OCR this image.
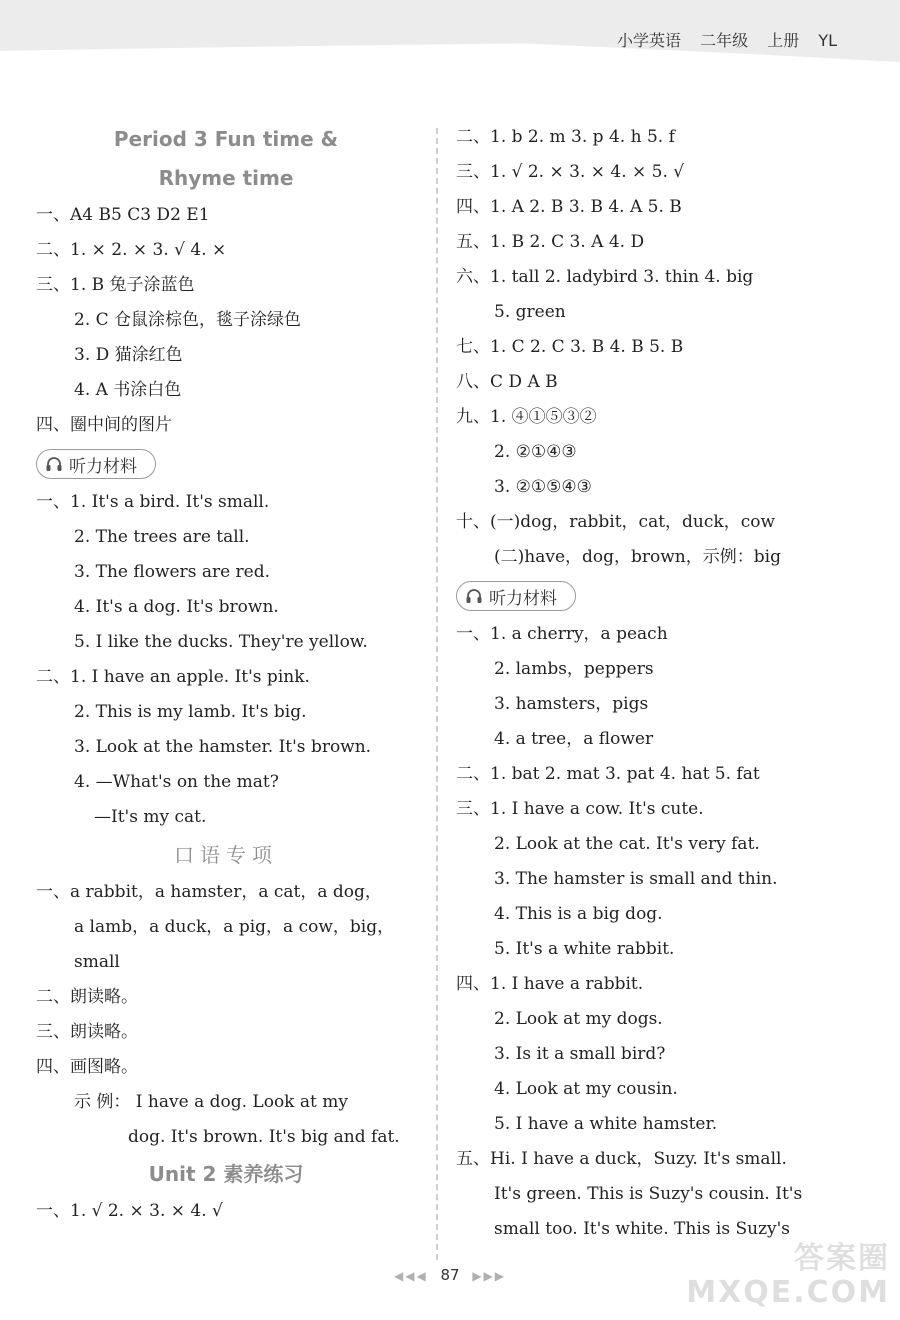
小学英语 二年级 上册 YL
Period 3 Fun time &
Rhyme time
一、A4 B5 C3 D2 E1
二、1. × 2. × 3. √ 4. ×
三、1. B 兔子涂蓝色
2. C 仓鼠涂棕色，毯子涂绿色
3. D 猫涂红色
4. A 书涂白色
四、圈中间的图片
听力材料
一、1. It's a bird. It's small.
2. The trees are tall.
3. The flowers are red.
4. It's a dog. It's brown.
5. I like the ducks. They're yellow.
二、1. I have an apple. It's pink.
2. This is my lamb. It's big.
3. Look at the hamster. It's brown.
4. —What's on the mat?
—It's my cat.
口语专项
一、a rabbit，a hamster，a cat，a dog，
a lamb，a duck，a pig，a cow，big，
small
二、朗读略。
三、朗读略。
四、画图略。
示 例： I have a dog. Look at my
dog. It's brown. It's big and fat.
Unit 2 素养练习
一、1. √ 2. × 3. × 4. √
二、1. b 2. m 3. p 4. h 5. f
三、1. √ 2. × 3. × 4. × 5. √
四、1. A 2. B 3. B 4. A 5. B
五、1. B 2. C 3. A 4. D
六、1. tall 2. ladybird 3. thin 4. big
5. green
七、1. C 2. C 3. B 4. B 5. B
八、C D A B
九、1. ④①⑤③②
2. ②①④③
3. ②①⑤④③
十、(一)dog，rabbit，cat，duck，cow
(二)have，dog，brown，示例：big
听力材料
一、1. a cherry，a peach
2. lambs，peppers
3. hamsters，pigs
4. a tree，a flower
二、1. bat 2. mat 3. pat 4. hat 5. fat
三、1. I have a cow. It's cute.
2. Look at the cat. It's very fat.
3. The hamster is small and thin.
4. This is a big dog.
5. It's a white rabbit.
四、1. I have a rabbit.
2. Look at my dogs.
3. Is it a small bird?
4. Look at my cousin.
5. I have a white hamster.
五、Hi. I have a duck，Suzy. It's small.
It's green. This is Suzy's cousin. It's
small too. It's white. This is Suzy's
◀◀◀ 87 ▶▶▶	答案圈
MXQE.COM
